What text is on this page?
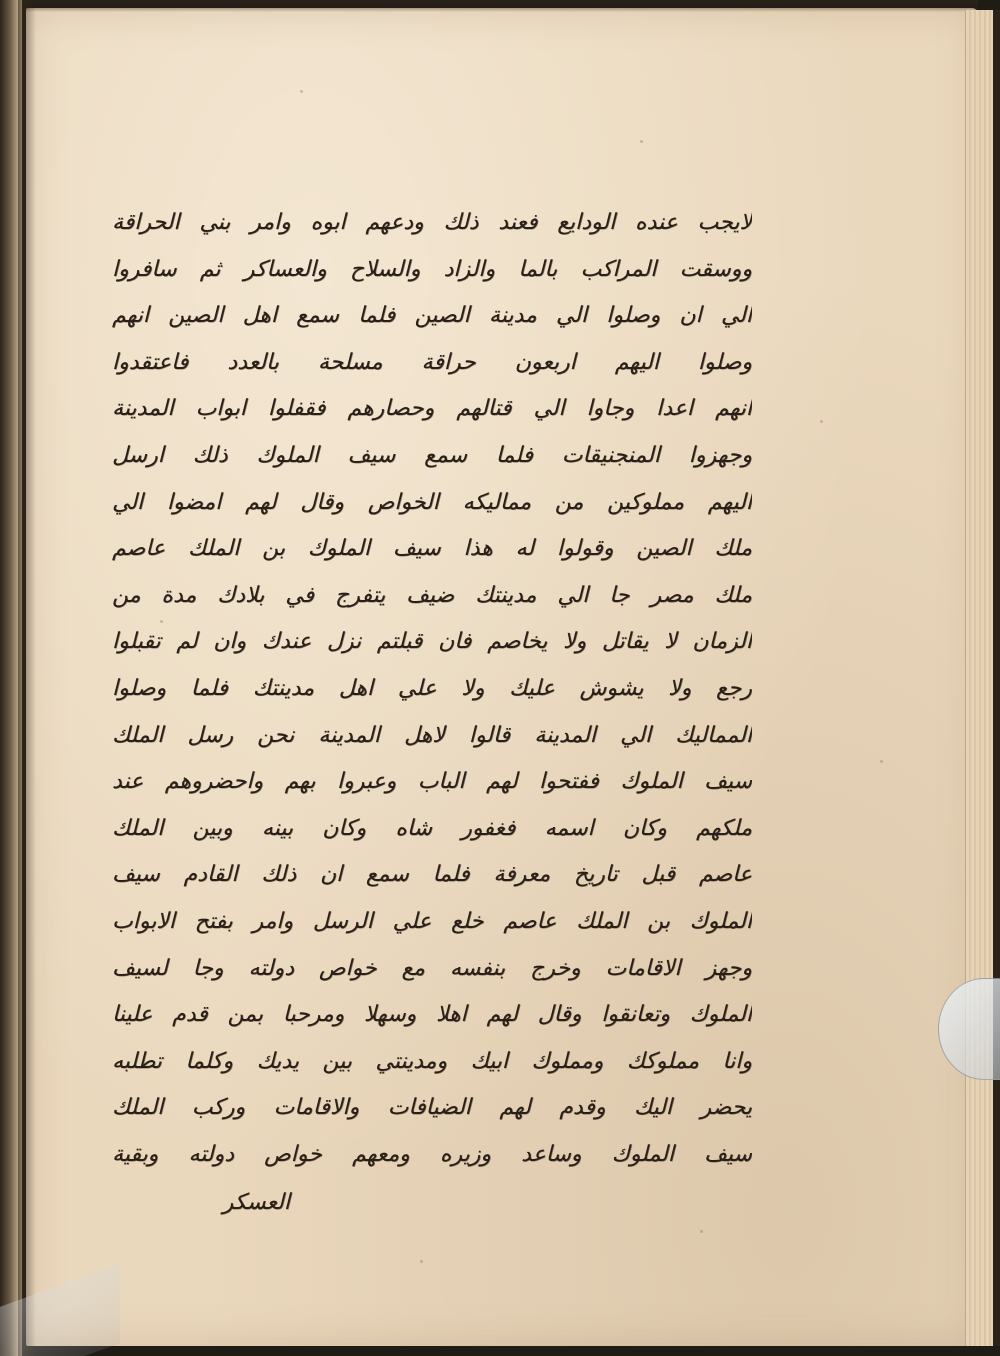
لايجب عنده الودايع فعند ذلك ودعهم ابوه وامر بني الحراقة
ووسقت المراكب بالما والزاد والسلاح والعساكر ثم سافروا
الي ان وصلوا الي مدينة الصين فلما سمع اهل الصين انهم
وصلوا اليهم اربعون حراقة مسلحة بالعدد فاعتقدوا
انهم اعدا وجاوا الي قتالهم وحصارهم فقفلوا ابواب المدينة
وجهزوا المنجنيقات فلما سمع سيف الملوك ذلك ارسل
اليهم مملوكين من مماليكه الخواص وقال لهم امضوا الي
ملك الصين وقولوا له هذا سيف الملوك بن الملك عاصم
ملك مصر جا الي مدينتك ضيف يتفرج في بلادك مدة من
الزمان لا يقاتل ولا يخاصم فان قبلتم نزل عندك وان لم تقبلوا
رجع ولا يشوش عليك ولا علي اهل مدينتك فلما وصلوا
المماليك الي المدينة قالوا لاهل المدينة نحن رسل الملك
سيف الملوك ففتحوا لهم الباب وعبروا بهم واحضروهم عند
ملكهم وكان اسمه فغفور شاه وكان بينه وبين الملك
عاصم قبل تاريخ معرفة فلما سمع ان ذلك القادم سيف
الملوك بن الملك عاصم خلع علي الرسل وامر بفتح الابواب
وجهز الاقامات وخرج بنفسه مع خواص دولته وجا لسيف
الملوك وتعانقوا وقال لهم اهلا وسهلا ومرحبا بمن قدم علينا
وانا مملوكك ومملوك ابيك ومدينتي بين يديك وكلما تطلبه
يحضر اليك وقدم لهم الضيافات والاقامات وركب الملك
سيف الملوك وساعد وزيره ومعهم خواص دولته وبقية
العسكر
